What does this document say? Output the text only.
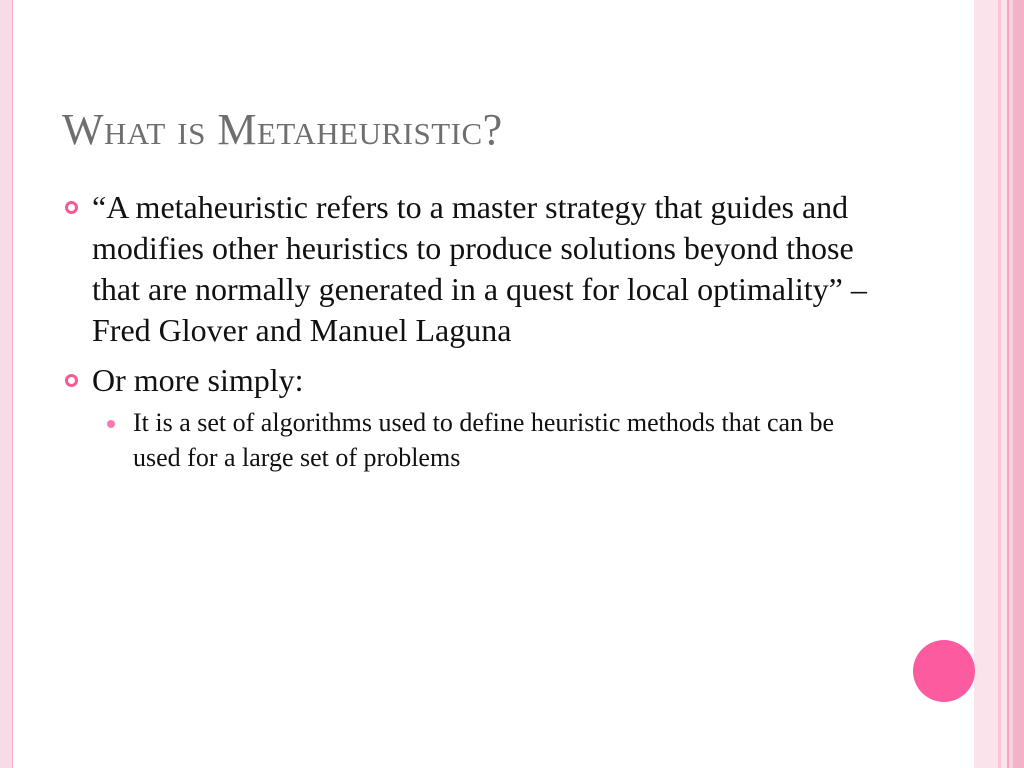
What is Metaheuristic?
“A metaheuristic refers to a master strategy that guides and modifies other heuristics to produce solutions beyond those that are normally generated in a quest for local optimality” – Fred Glover and Manuel Laguna
Or more simply:
It is a set of algorithms used to define heuristic methods that can be used for a large set of problems
